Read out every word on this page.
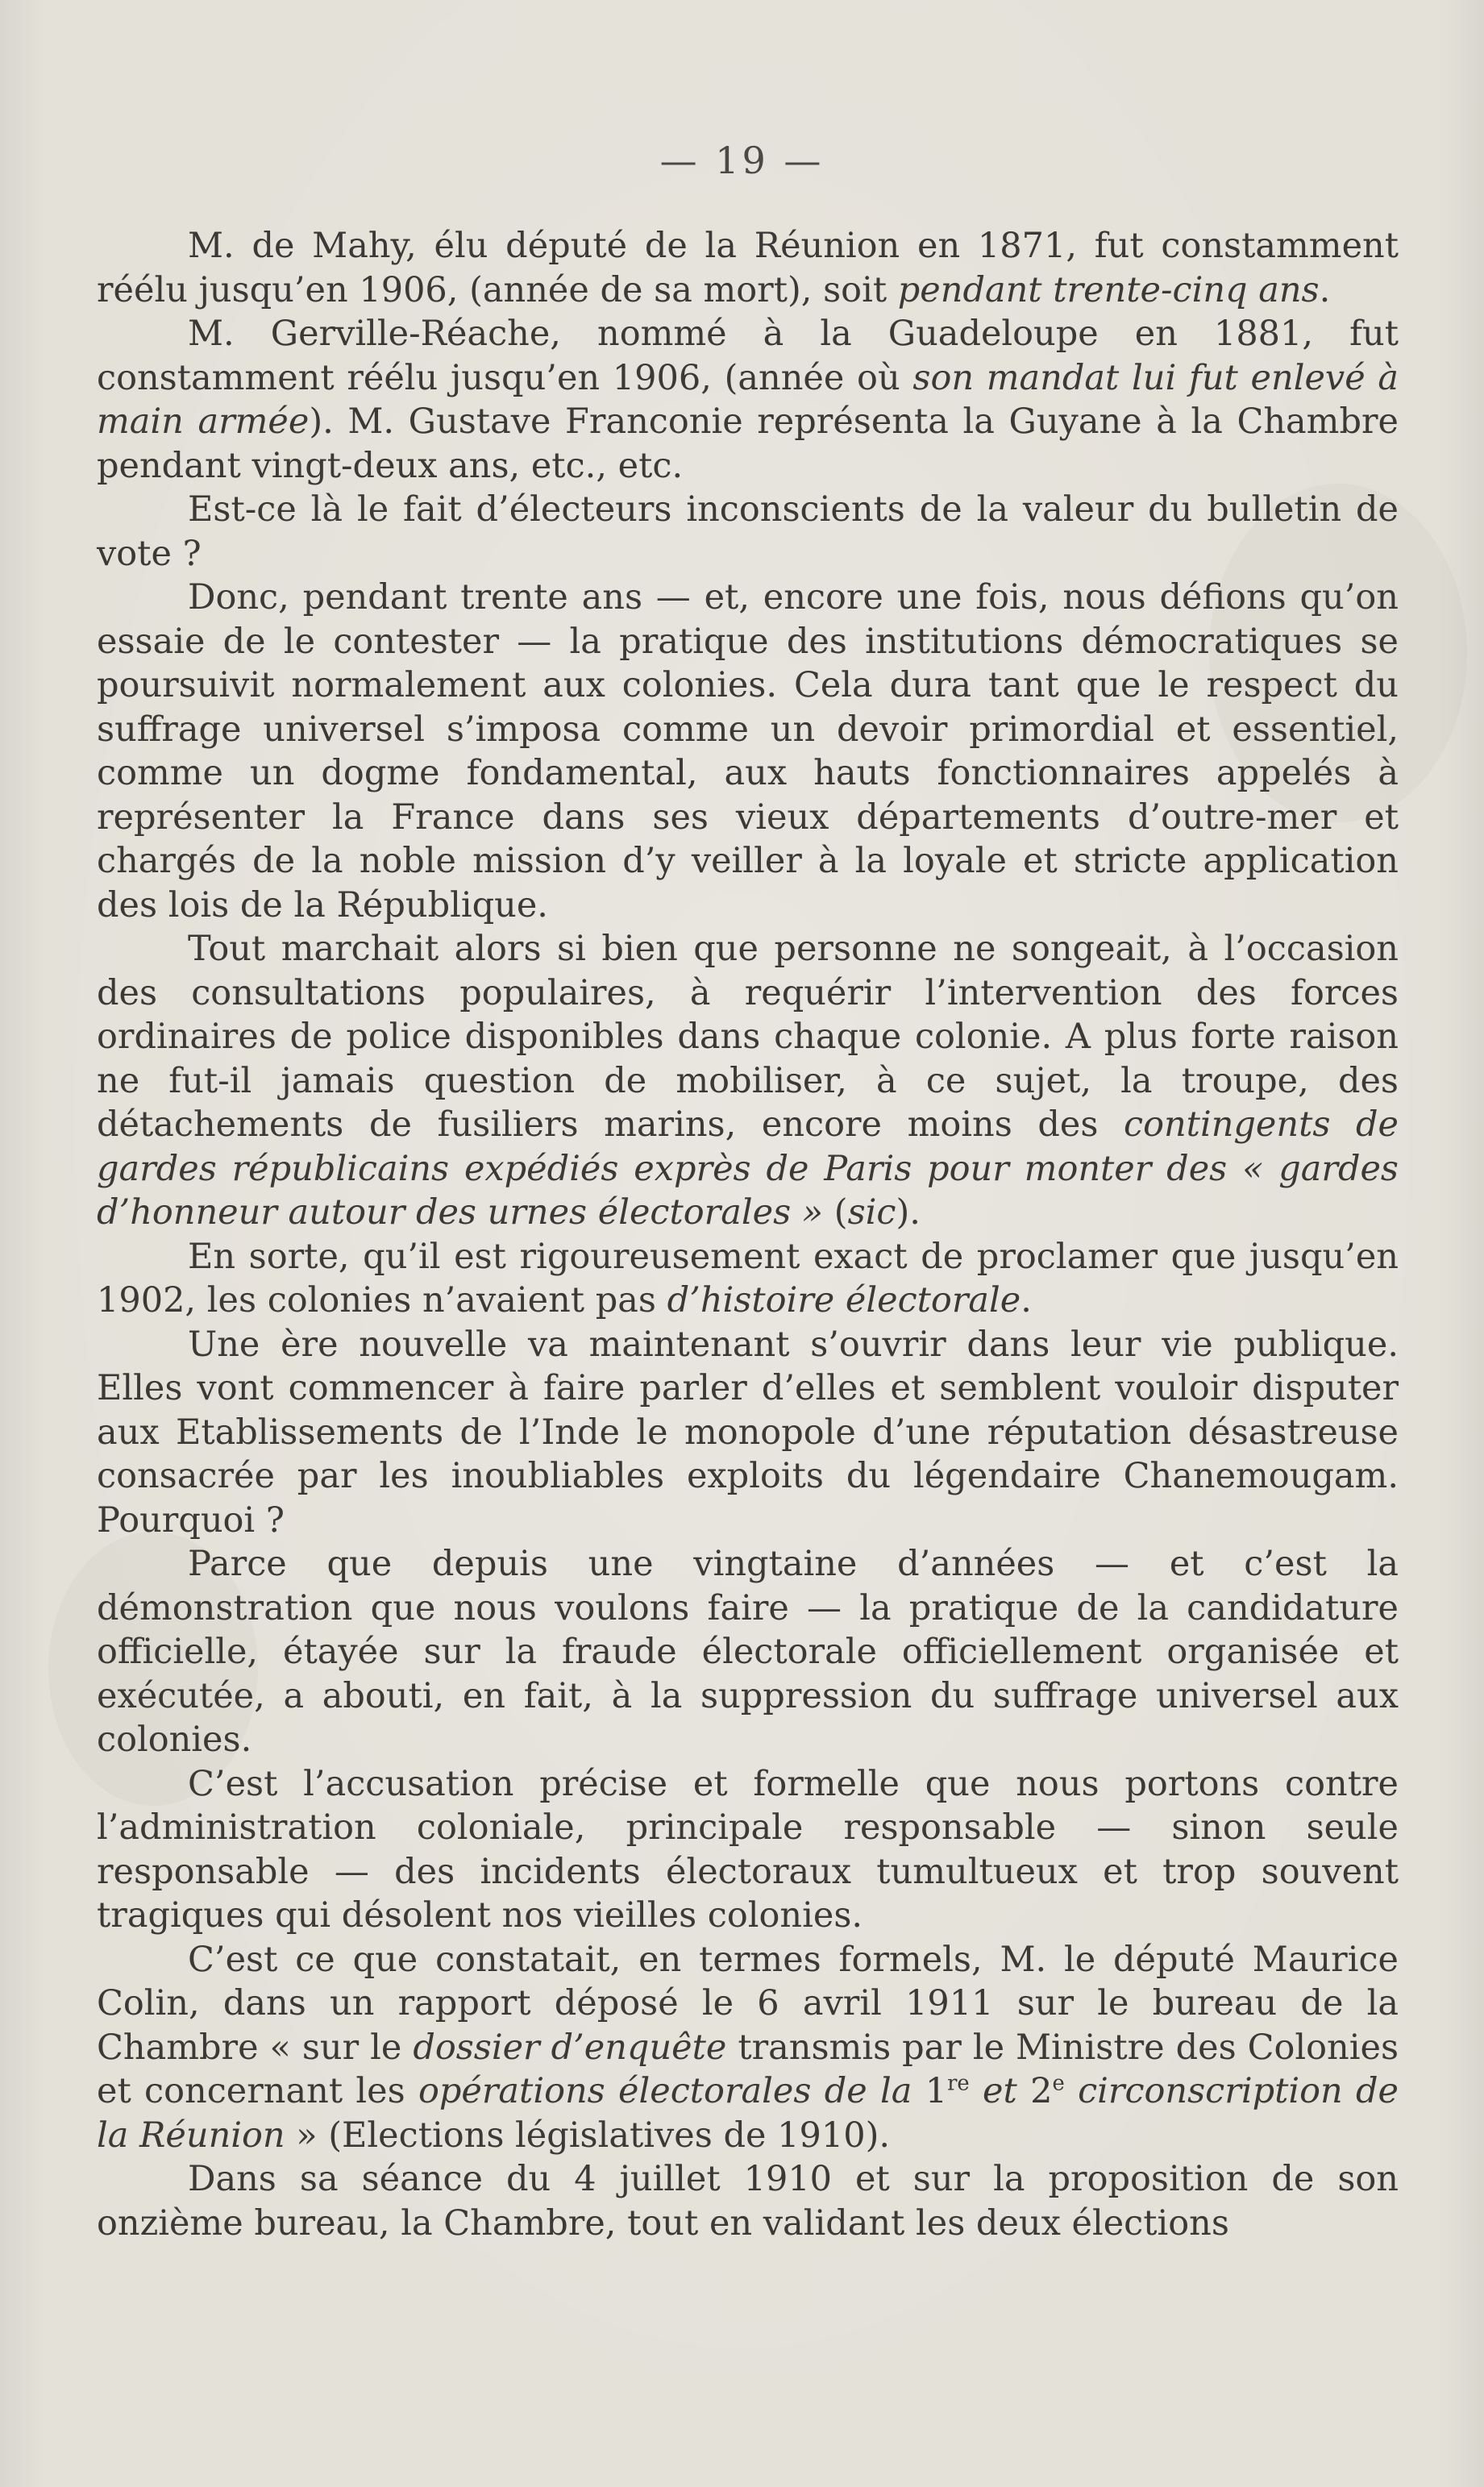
— 19 —

M. de Mahy, élu député de la Réunion en 1871, fut constamment réélu jusqu’en 1906, (année de sa mort), soit pendant trente-cinq ans.

M. Gerville-Réache, nommé à la Guadeloupe en 1881, fut constamment réélu jusqu’en 1906, (année où son mandat lui fut enlevé à main armée). M. Gustave Franconie représenta la Guyane à la Chambre pendant vingt-deux ans, etc., etc.

Est-ce là le fait d’électeurs inconscients de la valeur du bulletin de vote ?

Donc, pendant trente ans — et, encore une fois, nous défions qu’on essaie de le contester — la pratique des institutions démocratiques se poursuivit normalement aux colonies. Cela dura tant que le respect du suffrage universel s’imposa comme un devoir primordial et essentiel, comme un dogme fondamental, aux hauts fonctionnaires appelés à représenter la France dans ses vieux départements d’outre-mer et chargés de la noble mission d’y veiller à la loyale et stricte application des lois de la République.

Tout marchait alors si bien que personne ne songeait, à l’occasion des consultations populaires, à requérir l’intervention des forces ordinaires de police disponibles dans chaque colonie. A plus forte raison ne fut-il jamais question de mobiliser, à ce sujet, la troupe, des détachements de fusiliers marins, encore moins des contingents de gardes républicains expédiés exprès de Paris pour monter des « gardes d’honneur autour des urnes électorales » (sic).

En sorte, qu’il est rigoureusement exact de proclamer que jusqu’en 1902, les colonies n’avaient pas d’histoire électorale.

Une ère nouvelle va maintenant s’ouvrir dans leur vie publique. Elles vont commencer à faire parler d’elles et semblent vouloir disputer aux Etablissements de l’Inde le monopole d’une réputation désastreuse consacrée par les inoubliables exploits du légendaire Chanemougam. Pourquoi ?

Parce que depuis une vingtaine d’années — et c’est la démonstration que nous voulons faire — la pratique de la candidature officielle, étayée sur la fraude électorale officiellement organisée et exécutée, a abouti, en fait, à la suppression du suffrage universel aux colonies.

C’est l’accusation précise et formelle que nous portons contre l’administration coloniale, principale responsable — sinon seule responsable — des incidents électoraux tumultueux et trop souvent tragiques qui désolent nos vieilles colonies.

C’est ce que constatait, en termes formels, M. le député Maurice Colin, dans un rapport déposé le 6 avril 1911 sur le bureau de la Chambre « sur le dossier d’enquête transmis par le Ministre des Colonies et concernant les opérations électorales de la 1re et 2e circonscription de la Réunion » (Elections législatives de 1910).

Dans sa séance du 4 juillet 1910 et sur la proposition de son onzième bureau, la Chambre, tout en validant les deux élections
